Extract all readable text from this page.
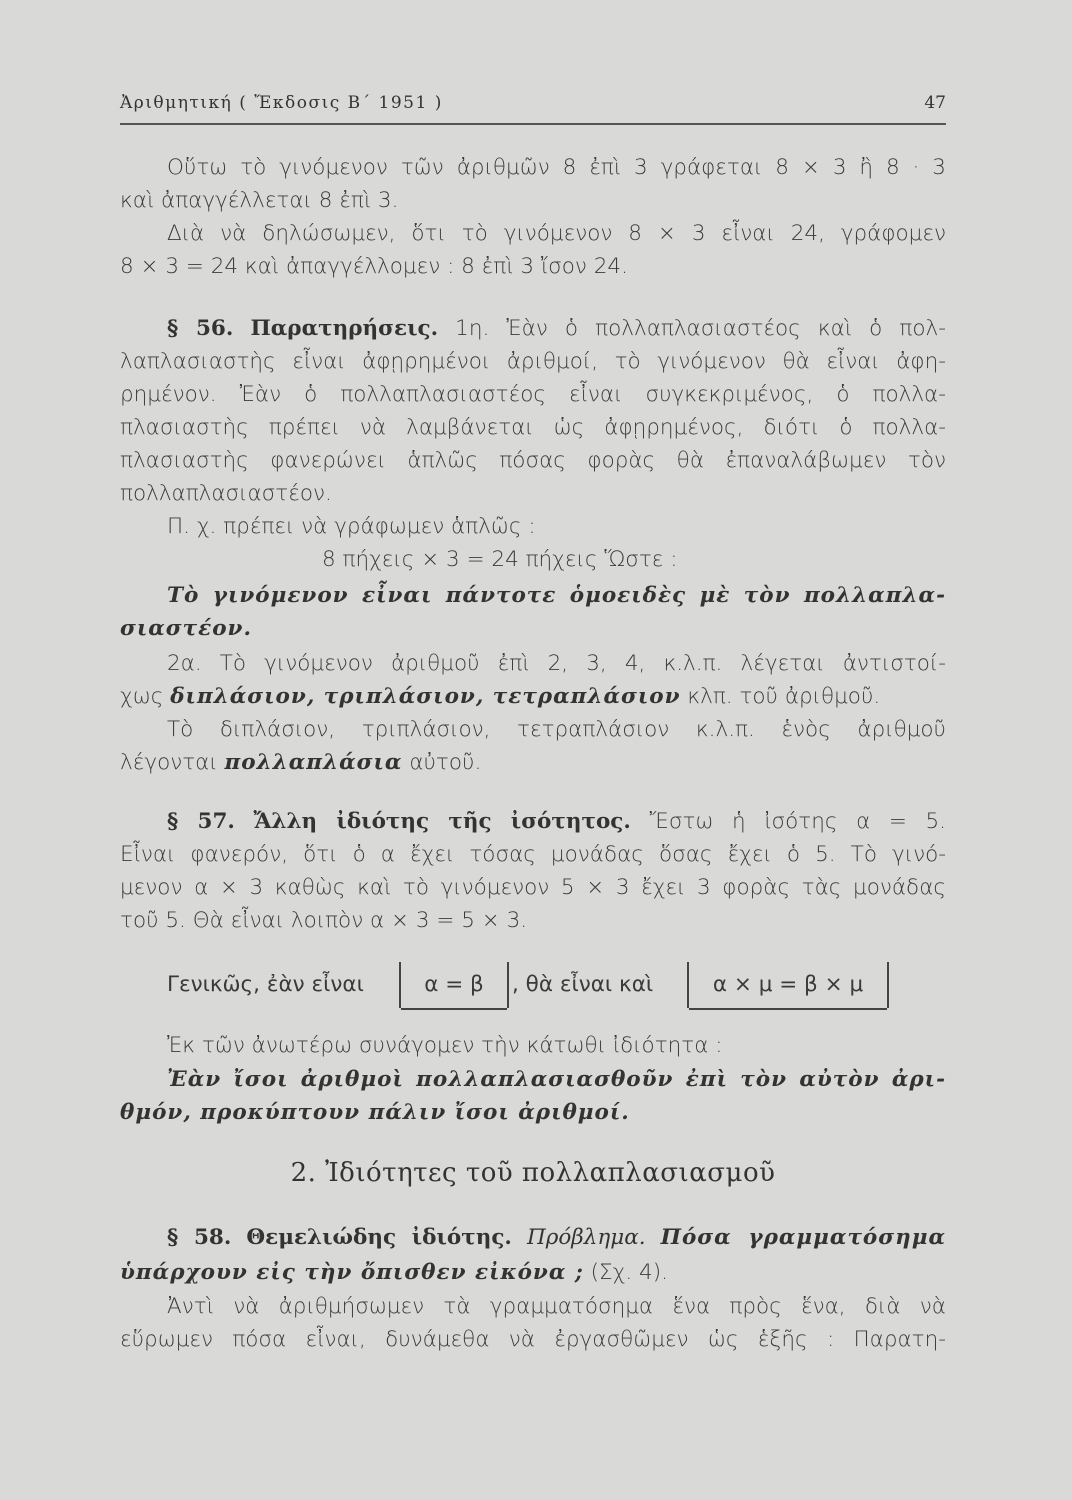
Ἀριθμητική ( Ἔκδοσις Β΄ 1951 )	47
Οὕτω τὸ γινόμενον τῶν ἀριθμῶν 8 ἐπὶ 3 γράφεται 8 × 3 ἢ 8 · 3
καὶ ἀπαγγέλλεται 8 ἐπὶ 3.
Διὰ νὰ δηλώσωμεν, ὅτι τὸ γινόμενον 8 × 3 εἶναι 24, γράφομεν
8 × 3 = 24 καὶ ἀπαγγέλλομεν : 8 ἐπὶ 3 ἴσον 24.
§ 56. Παρατηρήσεις. 1η. Ἐὰν ὁ πολλαπλασιαστέος καὶ ὁ πολ-
λαπλασιαστὴς εἶναι ἀφῃρημένοι ἀριθμοί, τὸ γινόμενον θὰ εἶναι ἀφη-
ρημένον. Ἐὰν ὁ πολλαπλασιαστέος εἶναι συγκεκριμένος, ὁ πολλα-
πλασιαστὴς πρέπει νὰ λαμβάνεται ὡς ἀφῃρημένος, διότι ὁ πολλα-
πλασιαστὴς φανερώνει ἁπλῶς πόσας φορὰς θὰ ἐπαναλάβωμεν τὸν
πολλαπλασιαστέον.
Π. χ. πρέπει νὰ γράφωμεν ἁπλῶς :
8 πήχεις × 3 = 24 πήχεις Ὥστε :
Τὸ γινόμενον εἶναι πάντοτε ὁμοειδὲς μὲ τὸν πολλαπλα-
σιαστέον.
2α. Τὸ γινόμενον ἀριθμοῦ ἐπὶ 2, 3, 4, κ.λ.π. λέγεται ἀντιστοί-
χως διπλάσιον, τριπλάσιον, τετραπλάσιον κλπ. τοῦ ἀριθμοῦ.
Τὸ διπλάσιον, τριπλάσιον, τετραπλάσιον κ.λ.π. ἑνὸς ἀριθμοῦ
λέγονται πολλαπλάσια αὐτοῦ.
§ 57. Ἄλλη ἰδιότης τῆς ἰσότητος. Ἔστω ἡ ἰσότης α = 5.
Εἶναι φανερόν, ὅτι ὁ α ἔχει τόσας μονάδας ὅσας ἔχει ὁ 5. Τὸ γινό-
μενον α × 3 καθὼς καὶ τὸ γινόμενον 5 × 3 ἔχει 3 φορὰς τὰς μονάδας
τοῦ 5. Θὰ εἶναι λοιπὸν α × 3 = 5 × 3.
Γενικῶς, ἐὰν εἶναι	α = β	, θὰ εἶναι καὶ	α × μ = β × μ
Ἐκ τῶν ἀνωτέρω συνάγομεν τὴν κάτωθι ἰδιότητα :
Ἐὰν ἴσοι ἀριθμοὶ πολλαπλασιασθοῦν ἐπὶ τὸν αὐτὸν ἀρι-
θμόν, προκύπτουν πάλιν ἴσοι ἀριθμοί.
2. Ἰδιότητες τοῦ πολλαπλασιασμοῦ
§ 58. Θεμελιώδης ἰδιότης. Πρόβλημα. Πόσα γραμματόσημα
ὑπάρχουν εἰς τὴν ὄπισθεν εἰκόνα ; (Σχ. 4).
Ἀντὶ νὰ ἀριθμήσωμεν τὰ γραμματόσημα ἕνα πρὸς ἕνα, διὰ νὰ
εὕρωμεν πόσα εἶναι, δυνάμεθα νὰ ἐργασθῶμεν ὡς ἑξῆς : Παρατη-
